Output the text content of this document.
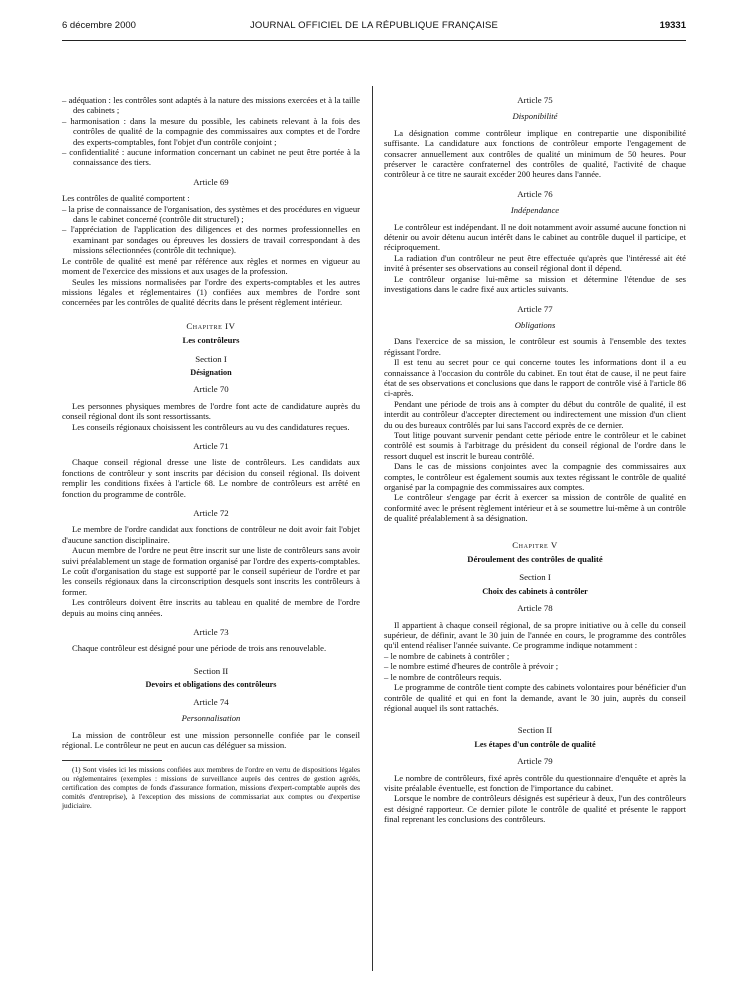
6 décembre 2000	JOURNAL OFFICIEL DE LA RÉPUBLIQUE FRANÇAISE	19331

– adéquation : les contrôles sont adaptés à la nature des missions exercées et à la taille des cabinets ;

– harmonisation : dans la mesure du possible, les cabinets relevant à la fois des contrôles de qualité de la compagnie des commissaires aux comptes et de l'ordre des experts-comptables, font l'objet d'un contrôle conjoint ;

– confidentialité : aucune information concernant un cabinet ne peut être portée à la connaissance des tiers.

Article 69

Les contrôles de qualité comportent :

– la prise de connaissance de l'organisation, des systèmes et des procédures en vigueur dans le cabinet concerné (contrôle dit structurel) ;

– l'appréciation de l'application des diligences et des normes professionnelles en examinant par sondages ou épreuves les dossiers de travail correspondant à des missions sélectionnées (contrôle dit technique).

Le contrôle de qualité est mené par référence aux règles et normes en vigueur au moment de l'exercice des missions et aux usages de la profession.

Seules les missions normalisées par l'ordre des experts-comptables et les autres missions légales et réglementaires (1) confiées aux membres de l'ordre sont concernées par les contrôles de qualité décrits dans le présent règlement intérieur.

Chapitre IV
Les contrôleurs
Section I
Désignation
Article 70

Les personnes physiques membres de l'ordre font acte de candidature auprès du conseil régional dont ils sont ressortissants.

Les conseils régionaux choisissent les contrôleurs au vu des candidatures reçues.

Article 71

Chaque conseil régional dresse une liste de contrôleurs. Les candidats aux fonctions de contrôleur y sont inscrits par décision du conseil régional. Ils doivent remplir les conditions fixées à l'article 68. Le nombre de contrôleurs est arrêté en fonction du programme de contrôle.

Article 72

Le membre de l'ordre candidat aux fonctions de contrôleur ne doit avoir fait l'objet d'aucune sanction disciplinaire.

Aucun membre de l'ordre ne peut être inscrit sur une liste de contrôleurs sans avoir suivi préalablement un stage de formation organisé par l'ordre des experts-comptables. Le coût d'organisation du stage est supporté par le conseil supérieur de l'ordre et par les conseils régionaux dans la circonscription desquels sont inscrits les contrôleurs à former.

Les contrôleurs doivent être inscrits au tableau en qualité de membre de l'ordre depuis au moins cinq années.

Article 73

Chaque contrôleur est désigné pour une période de trois ans renouvelable.

Section II
Devoirs et obligations des contrôleurs
Article 74
Personnalisation

La mission de contrôleur est une mission personnelle confiée par le conseil régional. Le contrôleur ne peut en aucun cas déléguer sa mission.

(1) Sont visées ici les missions confiées aux membres de l'ordre en vertu de dispositions légales ou réglementaires (exemples : missions de surveillance auprès des centres de gestion agréés, certification des comptes de fonds d'assurance formation, missions d'expert-comptable auprès des comités d'entreprise), à l'exception des missions de commissariat aux comptes ou d'expertise judiciaire.

Article 75
Disponibilité

La désignation comme contrôleur implique en contrepartie une disponibilité suffisante. La candidature aux fonctions de contrôleur emporte l'engagement de consacrer annuellement aux contrôles de qualité un minimum de 50 heures. Pour préserver le caractère confraternel des contrôles de qualité, l'activité de chaque contrôleur à ce titre ne saurait excéder 200 heures dans l'année.

Article 76
Indépendance

Le contrôleur est indépendant. Il ne doit notamment avoir assumé aucune fonction ni détenir ou avoir détenu aucun intérêt dans le cabinet au contrôle duquel il participe, et réciproquement.

La radiation d'un contrôleur ne peut être effectuée qu'après que l'intéressé ait été invité à présenter ses observations au conseil régional dont il dépend.

Le contrôleur organise lui-même sa mission et détermine l'étendue de ses investigations dans le cadre fixé aux articles suivants.

Article 77
Obligations

Dans l'exercice de sa mission, le contrôleur est soumis à l'ensemble des textes régissant l'ordre.

Il est tenu au secret pour ce qui concerne toutes les informations dont il a eu connaissance à l'occasion du contrôle du cabinet. En tout état de cause, il ne peut faire état de ses observations et conclusions que dans le rapport de contrôle visé à l'article 86 ci-après.

Pendant une période de trois ans à compter du début du contrôle de qualité, il est interdit au contrôleur d'accepter directement ou indirectement une mission d'un client du ou des bureaux contrôlés par lui sans l'accord exprès de ce dernier.

Tout litige pouvant survenir pendant cette période entre le contrôleur et le cabinet contrôlé est soumis à l'arbitrage du président du conseil régional de l'ordre dans le ressort duquel est inscrit le bureau contrôlé.

Dans le cas de missions conjointes avec la compagnie des commissaires aux comptes, le contrôleur est également soumis aux textes régissant le contrôle de qualité organisé par la compagnie des commissaires aux comptes.

Le contrôleur s'engage par écrit à exercer sa mission de contrôle de qualité en conformité avec le présent règlement intérieur et à se soumettre lui-même à un contrôle de qualité préalablement à sa désignation.

Chapitre V
Déroulement des contrôles de qualité
Section I
Choix des cabinets à contrôler
Article 78

Il appartient à chaque conseil régional, de sa propre initiative ou à celle du conseil supérieur, de définir, avant le 30 juin de l'année en cours, le programme des contrôles qu'il entend réaliser l'année suivante. Ce programme indique notamment :

– le nombre de cabinets à contrôler ;

– le nombre estimé d'heures de contrôle à prévoir ;

– le nombre de contrôleurs requis.

Le programme de contrôle tient compte des cabinets volontaires pour bénéficier d'un contrôle de qualité et qui en font la demande, avant le 30 juin, auprès du conseil régional auquel ils sont rattachés.

Section II
Les étapes d'un contrôle de qualité
Article 79

Le nombre de contrôleurs, fixé après contrôle du questionnaire d'enquête et après la visite préalable éventuelle, est fonction de l'importance du cabinet.

Lorsque le nombre de contrôleurs désignés est supérieur à deux, l'un des contrôleurs est désigné rapporteur. Ce dernier pilote le contrôle de qualité et présente le rapport final reprenant les conclusions des contrôleurs.
